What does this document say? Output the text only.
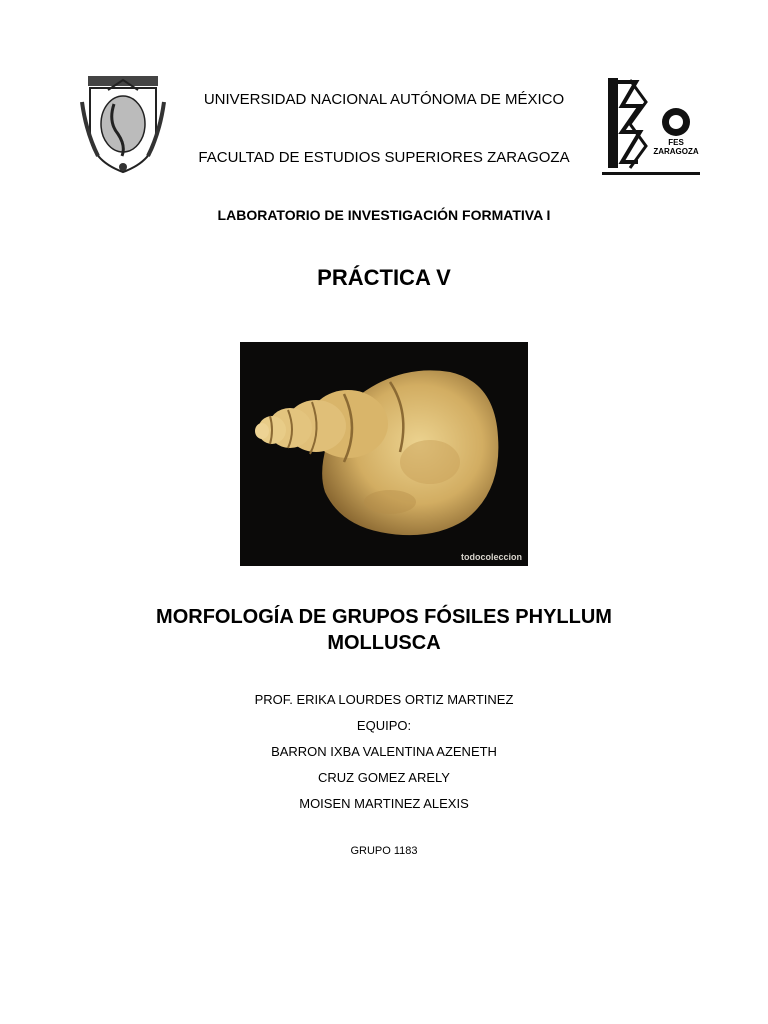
FES ZARAGOZA
UNIVERSIDAD NACIONAL AUTÓNOMA DE MÉXICO
FACULTAD DE ESTUDIOS SUPERIORES ZARAGOZA
LABORATORIO DE INVESTIGACIÓN FORMATIVA I
PRÁCTICA V
todocoleccion
MORFOLOGÍA DE GRUPOS FÓSILES PHYLLUM
MOLLUSCA
PROF. ERIKA LOURDES ORTIZ MARTINEZ
EQUIPO:
BARRON IXBA VALENTINA AZENETH
CRUZ GOMEZ ARELY
MOISEN MARTINEZ ALEXIS
GRUPO 1183
